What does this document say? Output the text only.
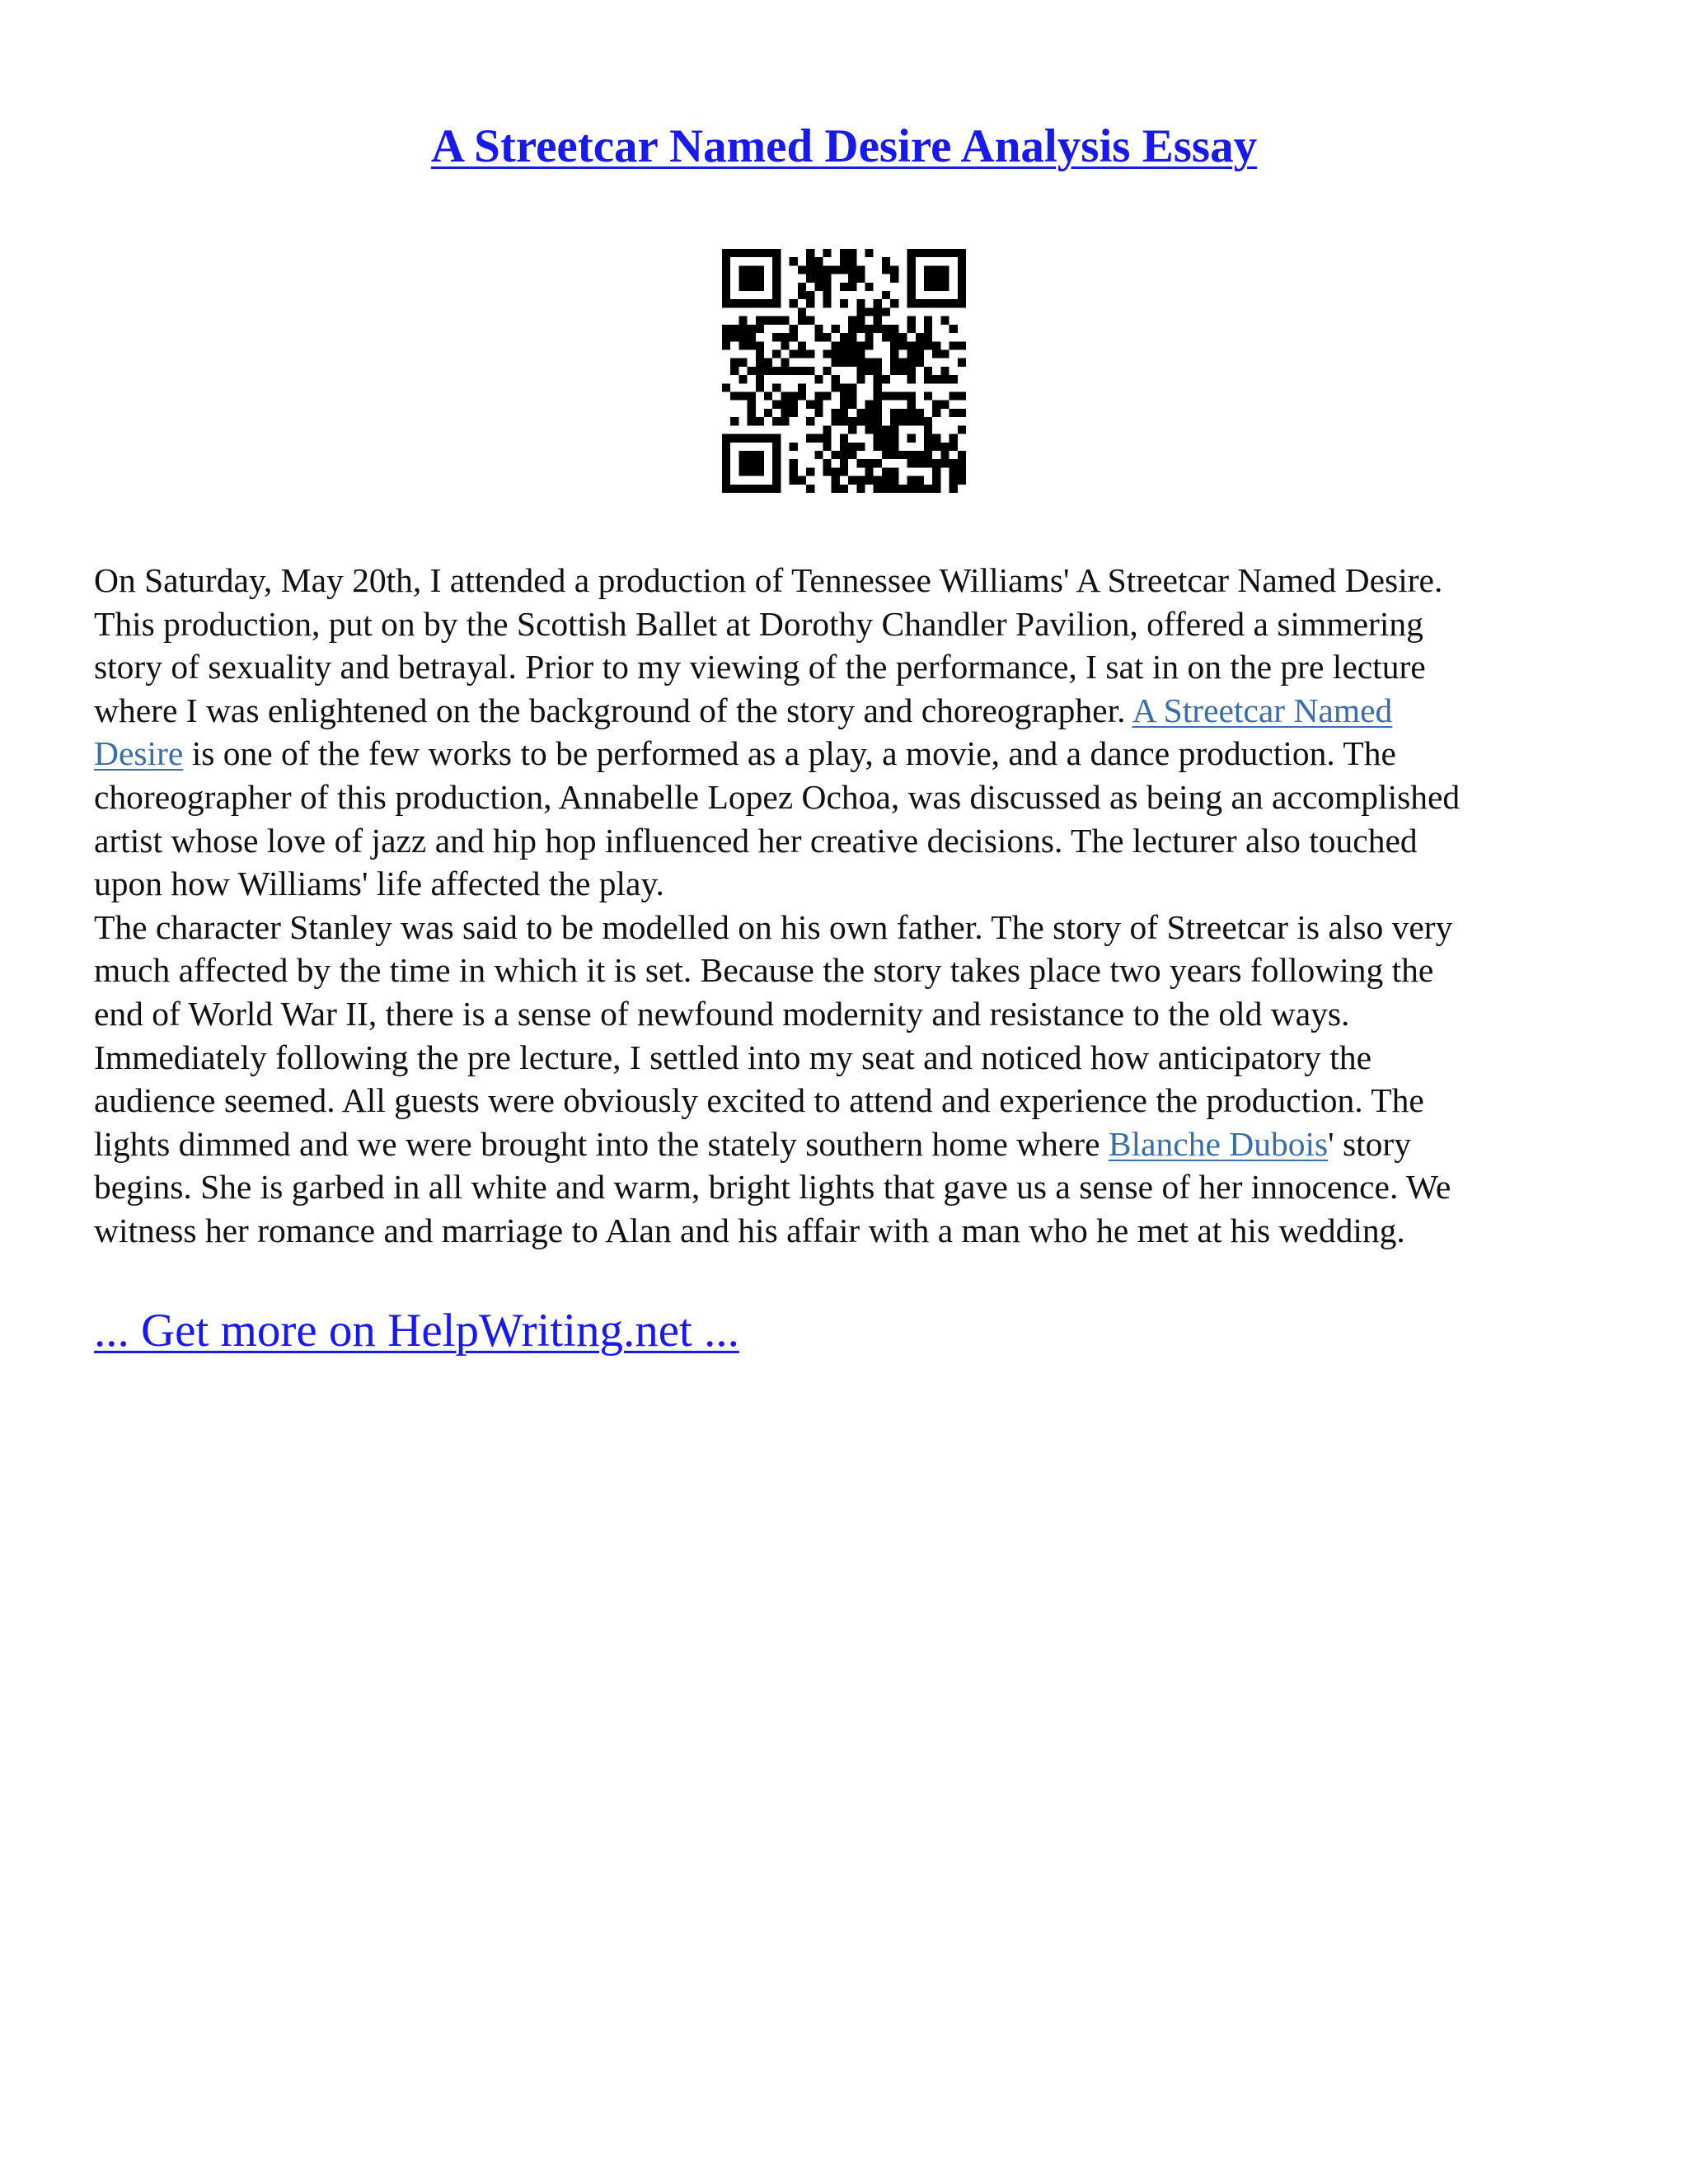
A Streetcar Named Desire Analysis Essay

On Saturday, May 20th, I attended a production of Tennessee Williams' A Streetcar Named Desire.
This production, put on by the Scottish Ballet at Dorothy Chandler Pavilion, offered a simmering
story of sexuality and betrayal. Prior to my viewing of the performance, I sat in on the pre lecture
where I was enlightened on the background of the story and choreographer. A Streetcar Named
Desire is one of the few works to be performed as a play, a movie, and a dance production. The
choreographer of this production, Annabelle Lopez Ochoa, was discussed as being an accomplished
artist whose love of jazz and hip hop influenced her creative decisions. The lecturer also touched
upon how Williams' life affected the play.

The character Stanley was said to be modelled on his own father. The story of Streetcar is also very
much affected by the time in which it is set. Because the story takes place two years following the
end of World War II, there is a sense of newfound modernity and resistance to the old ways.
Immediately following the pre lecture, I settled into my seat and noticed how anticipatory the
audience seemed. All guests were obviously excited to attend and experience the production. The
lights dimmed and we were brought into the stately southern home where Blanche Dubois' story
begins. She is garbed in all white and warm, bright lights that gave us a sense of her innocence. We
witness her romance and marriage to Alan and his affair with a man who he met at his wedding.

... Get more on HelpWriting.net ...
